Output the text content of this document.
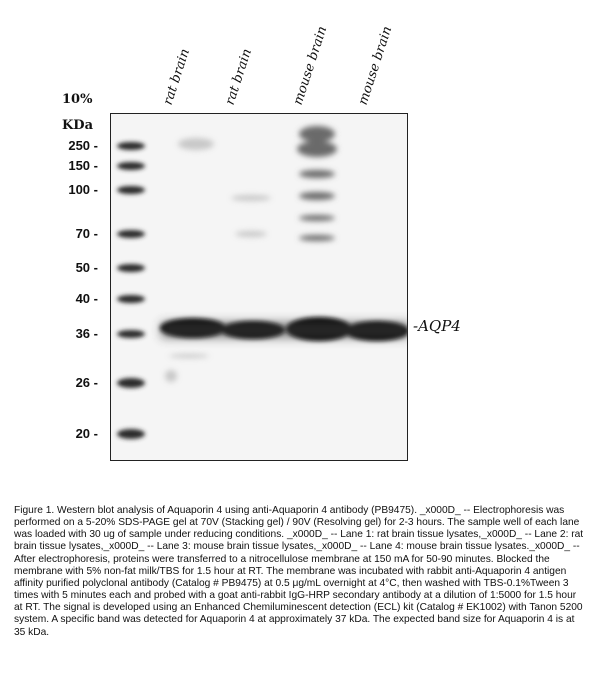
rat brain rat brain	mouse brain mouse brain
10%
KDa
250 -
150 -
100 -
70 -
50 -
40 -
36 -
26 -
20 -
-AQP4
Figure 1. Western blot analysis of Aquaporin 4 using anti-Aquaporin 4 antibody (PB9475). _x000D_ -- Electrophoresis was performed on a 5-20% SDS-PAGE gel at 70V (Stacking gel) / 90V (Resolving gel) for 2-3 hours. The sample well of each lane was loaded with 30 ug of sample under reducing conditions. _x000D_ -- Lane 1: rat brain tissue lysates,_x000D_ -- Lane 2: rat brain tissue lysates,_x000D_ -- Lane 3: mouse brain tissue lysates,_x000D_ -- Lane 4: mouse brain tissue lysates._x000D_ -- After electrophoresis, proteins were transferred to a nitrocellulose membrane at 150 mA for 50-90 minutes. Blocked the membrane with 5% non-fat milk/TBS for 1.5 hour at RT. The membrane was incubated with rabbit anti-Aquaporin 4 antigen affinity purified polyclonal antibody (Catalog # PB9475) at 0.5 μg/mL overnight at 4°C, then washed with TBS-0.1%Tween 3 times with 5 minutes each and probed with a goat anti-rabbit IgG-HRP secondary antibody at a dilution of 1:5000 for 1.5 hour at RT. The signal is developed using an Enhanced Chemiluminescent detection (ECL) kit (Catalog # EK1002) with Tanon 5200 system. A specific band was detected for Aquaporin 4 at approximately 37 kDa. The expected band size for Aquaporin 4 is at 35 kDa.
